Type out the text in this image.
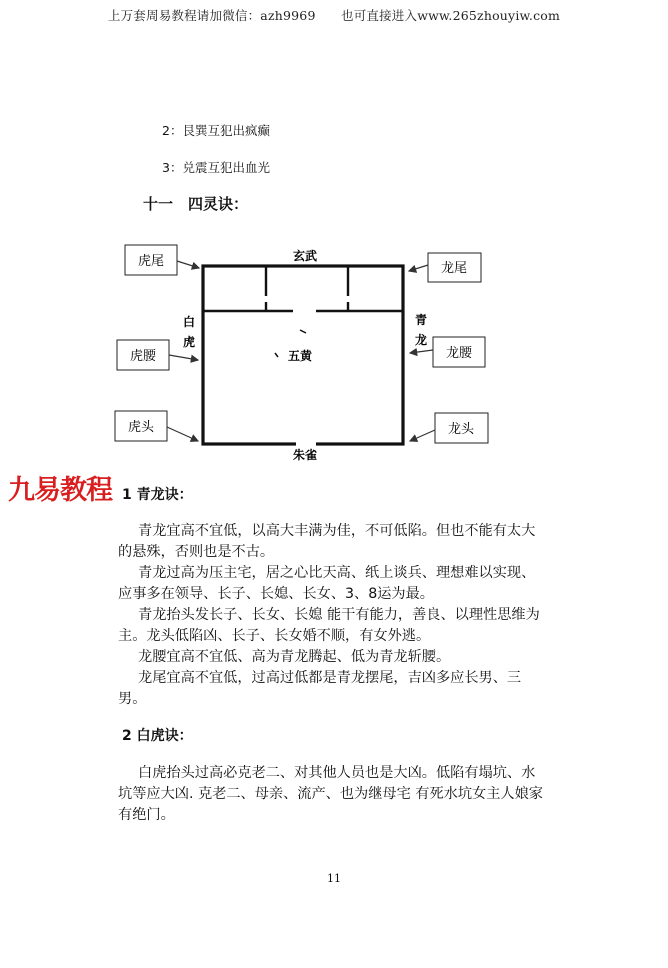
上万套周易教程请加微信：azh9969　　也可直接进入www.265zhouyiw.com
2：艮巽互犯出疯癫
3：兑震互犯出血光
十一　四灵诀：
虎尾
虎腰
虎头
龙尾
龙腰
龙头
玄武
朱雀
五黄
白
虎
青
龙
九易教程 1 青龙诀：

青龙宜高不宜低，以高大丰满为佳，不可低陷。但也不能有太大的悬殊，否则也是不古。

青龙过高为压主宅，居之心比天高、纸上谈兵、理想难以实现、应事多在领导、长子、长媳、长女、3、8运为最。

青龙抬头发长子、长女、长媳 能干有能力，善良、以理性思维为主。龙头低陷凶、长子、长女婚不顺，有女外逃。

龙腰宜高不宜低、高为青龙腾起、低为青龙斩腰。

龙尾宜高不宜低，过高过低都是青龙摆尾，吉凶多应长男、三男。

2 白虎诀：

白虎抬头过高必克老二、对其他人员也是大凶。低陷有塌坑、水坑等应大凶. 克老二、母亲、流产、也为继母宅 有死水坑女主人娘家有绝门。

11
